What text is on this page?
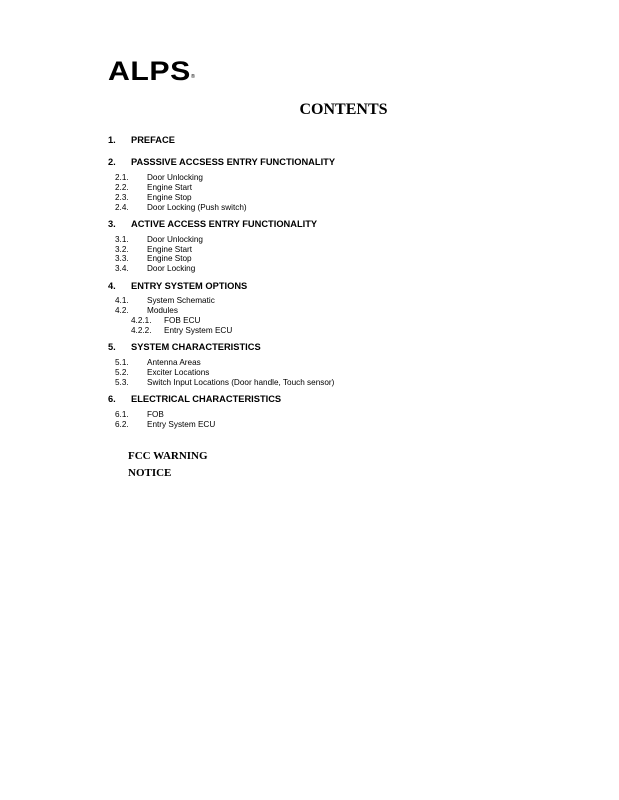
ALPS®
CONTENTS
1. PREFACE
2. PASSSIVE ACCSESS ENTRY FUNCTIONALITY
2.1. Door Unlocking
2.2. Engine Start
2.3. Engine Stop
2.4. Door Locking (Push switch)
3. ACTIVE ACCESS ENTRY FUNCTIONALITY
3.1. Door Unlocking
3.2. Engine Start
3.3. Engine Stop
3.4. Door Locking
4. ENTRY SYSTEM OPTIONS
4.1. System Schematic
4.2. Modules
4.2.1. FOB ECU
4.2.2. Entry System ECU
5. SYSTEM CHARACTERISTICS
5.1. Antenna Areas
5.2. Exciter Locations
5.3. Switch Input Locations (Door handle, Touch sensor)
6. ELECTRICAL CHARACTERISTICS
6.1. FOB
6.2. Entry System ECU
FCC WARNING
NOTICE
